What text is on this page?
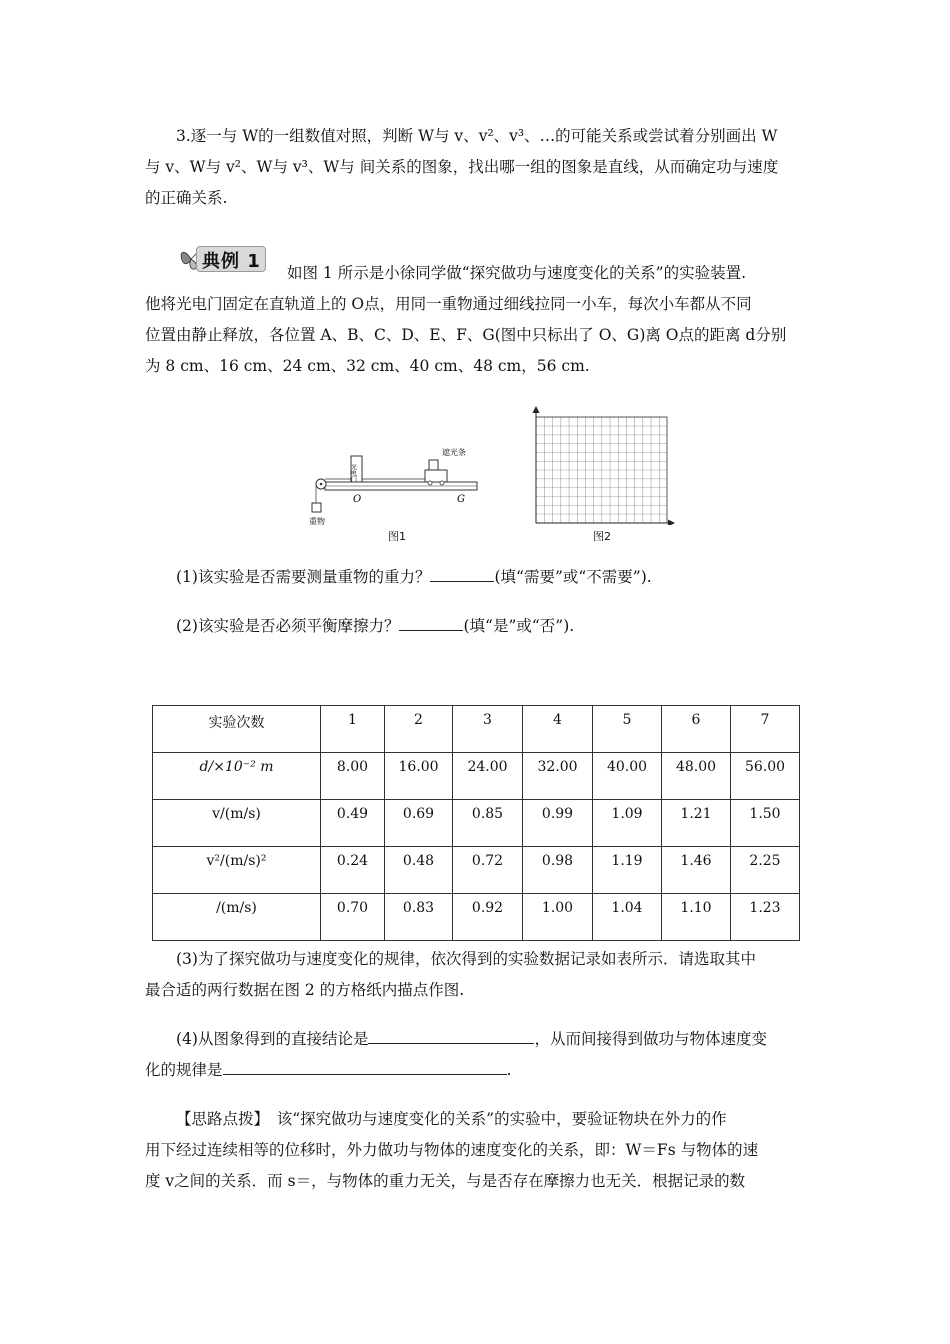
3.逐一与 W的一组数值对照，判断 W与 v、v²、v³、…的可能关系或尝试着分别画出 W
与 v、W与 v²、W与 v³、W与 间关系的图象，找出哪一组的图象是直线，从而确定功与速度
的正确关系.

典例 1

如图 1 所示是小徐同学做“探究做功与速度变化的关系”的实验装置.
他将光电门固定在直轨道上的 O点，用同一重物通过细线拉同一小车，每次小车都从不同
位置由静止释放，各位置 A、B、C、D、E、F、G(图中只标出了 O、G)离 O点的距离 d分别
为 8 cm、16 cm、24 cm、32 cm、40 cm、48 cm，56 cm.

光电门
遮光条
O	G
重物
图1	图2

(1)该实验是否需要测量重物的重力？	(填“需要”或“不需要”).

(2)该实验是否必须平衡摩擦力？	(填“是”或“否”).

实验次数	1	2	3	4	5	6	7
d/×10⁻² m	8.00	16.00	24.00	32.00	40.00	48.00	56.00
v/(m/s)	0.49	0.69	0.85	0.99	1.09	1.21	1.50
v²/(m/s)²	0.24	0.48	0.72	0.98	1.19	1.46	2.25
/(m/s)	0.70	0.83	0.92	1.00	1.04	1.10	1.23

(3)为了探究做功与速度变化的规律，依次得到的实验数据记录如表所示．请选取其中
最合适的两行数据在图 2 的方格纸内描点作图.

(4)从图象得到的直接结论是	，从而间接得到做功与物体速度变
化的规律是	.

【思路点拨】　该“探究做功与速度变化的关系”的实验中，要验证物块在外力的作
用下经过连续相等的位移时，外力做功与物体的速度变化的关系，即：W＝Fs 与物体的速
度 v之间的关系．而 s＝，与物体的重力无关，与是否存在摩擦力也无关．根据记录的数
